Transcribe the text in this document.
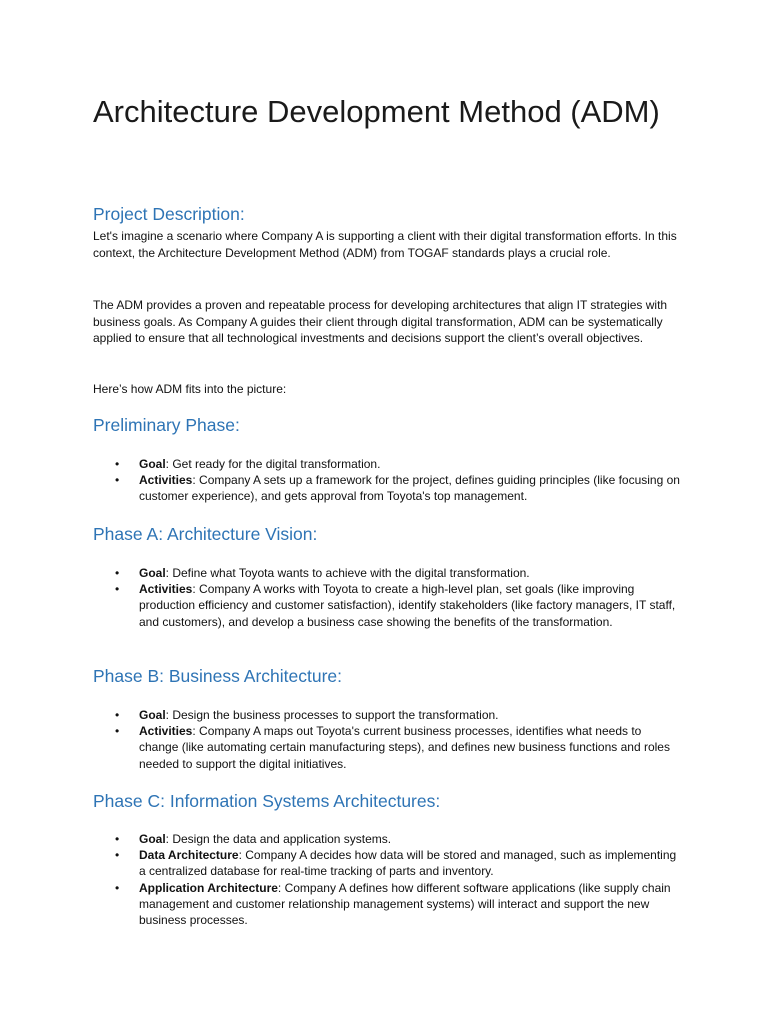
Architecture Development Method (ADM)
Project Description:

Let's imagine a scenario where Company A is supporting a client with their digital transformation efforts. In this context, the Architecture Development Method (ADM) from TOGAF standards plays a crucial role.

The ADM provides a proven and repeatable process for developing architectures that align IT strategies with business goals. As Company A guides their client through digital transformation, ADM can be systematically applied to ensure that all technological investments and decisions support the client’s overall objectives.

Here’s how ADM fits into the picture:

Preliminary Phase:
• Goal: Get ready for the digital transformation.
• Activities: Company A sets up a framework for the project, defines guiding principles (like focusing on customer experience), and gets approval from Toyota's top management.
Phase A: Architecture Vision:
• Goal: Define what Toyota wants to achieve with the digital transformation.
• Activities: Company A works with Toyota to create a high-level plan, set goals (like improving production efficiency and customer satisfaction), identify stakeholders (like factory managers, IT staff, and customers), and develop a business case showing the benefits of the transformation.
Phase B: Business Architecture:
• Goal: Design the business processes to support the transformation.
• Activities: Company A maps out Toyota's current business processes, identifies what needs to change (like automating certain manufacturing steps), and defines new business functions and roles needed to support the digital initiatives.
Phase C: Information Systems Architectures:
• Goal: Design the data and application systems.
• Data Architecture: Company A decides how data will be stored and managed, such as implementing a centralized database for real-time tracking of parts and inventory.
• Application Architecture: Company A defines how different software applications (like supply chain management and customer relationship management systems) will interact and support the new business processes.
